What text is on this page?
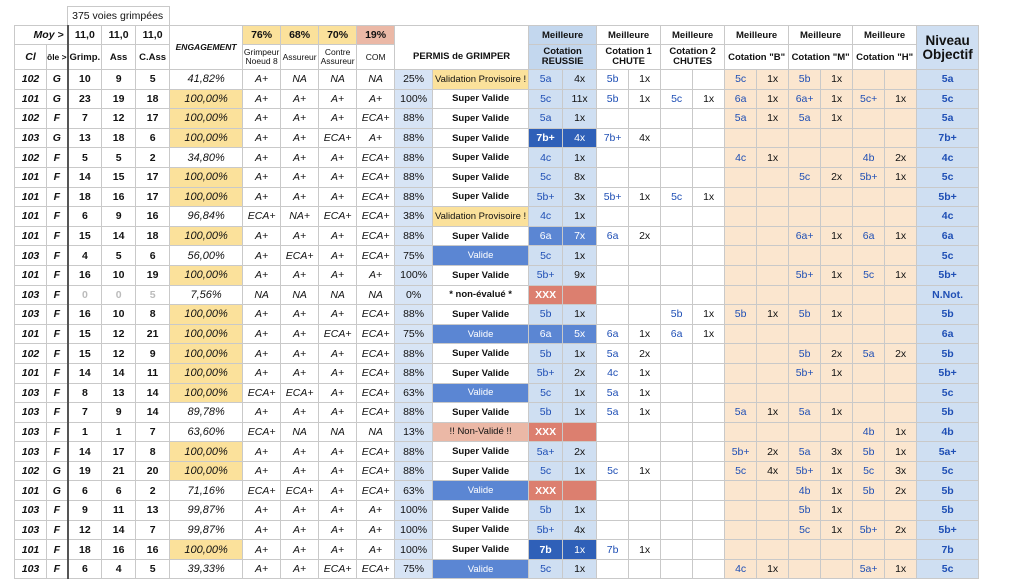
		375 voies grimpées																						
Moy >		11,0	11,0	11,0	ENGAGEMENT	76%	68%	70%	19%			Meilleure		Meilleure		Meilleure		Meilleure		Meilleure		Meilleure		Niveau
Objectif
Cl	ôle >	Grimp.	Ass	C.Ass		Grimpeur Noeud 8	Assureur	Contre Assureur	COM	PERMIS de GRIMPER		Cotation REUSSIE		Cotation 1 CHUTE		Cotation 2 CHUTES		Cotation "B"		Cotation "M"		Cotation "H"		
102	G	10	9	5	41,82%	A+	NA	NA	NA	25%	Validation Provisoire !	5a	4x	5b	1x			5c	1x	5b	1x			5a
101	G	23	19	18	100,00%	A+	A+	A+	A+	100%	Super Valide	5c	11x	5b	1x	5c	1x	6a	1x	6a+	1x	5c+	1x	5c
102	F	7	12	17	100,00%	A+	A+	A+	ECA+	88%	Super Valide	5a	1x					5a	1x	5a	1x			5a
103	G	13	18	6	100,00%	A+	A+	ECA+	A+	88%	Super Valide	7b+	4x	7b+	4x									7b+
102	F	5	5	2	34,80%	A+	A+	A+	ECA+	88%	Super Valide	4c	1x					4c	1x			4b	2x	4c
101	F	14	15	17	100,00%	A+	A+	A+	ECA+	88%	Super Valide	5c	8x							5c	2x	5b+	1x	5c
101	F	18	16	17	100,00%	A+	A+	A+	ECA+	88%	Super Valide	5b+	3x	5b+	1x	5c	1x							5b+
101	F	6	9	16	96,84%	ECA+	NA+	ECA+	ECA+	38%	Validation Provisoire !	4c	1x											4c
101	F	15	14	18	100,00%	A+	A+	A+	ECA+	88%	Super Valide	6a	7x	6a	2x					6a+	1x	6a	1x	6a
103	F	4	5	6	56,00%	A+	ECA+	A+	ECA+	75%	Valide	5c	1x											5c
101	F	16	10	19	100,00%	A+	A+	A+	A+	100%	Super Valide	5b+	9x							5b+	1x	5c	1x	5b+
103	F	0	0	5	7,56%	NA	NA	NA	NA	0%	* non-évalué *	XXX												N.Not.
103	F	16	10	8	100,00%	A+	A+	A+	ECA+	88%	Super Valide	5b	1x			5b	1x	5b	1x	5b	1x			5b
101	F	15	12	21	100,00%	A+	A+	ECA+	ECA+	75%	Valide	6a	5x	6a	1x	6a	1x							6a
102	F	15	12	9	100,00%	A+	A+	A+	ECA+	88%	Super Valide	5b	1x	5a	2x					5b	2x	5a	2x	5b
101	F	14	14	11	100,00%	A+	A+	A+	ECA+	88%	Super Valide	5b+	2x	4c	1x					5b+	1x			5b+
103	F	8	13	14	100,00%	ECA+	ECA+	A+	ECA+	63%	Valide	5c	1x	5a	1x									5c
103	F	7	9	14	89,78%	A+	A+	A+	ECA+	88%	Super Valide	5b	1x	5a	1x			5a	1x	5a	1x			5b
103	F	1	1	7	63,60%	ECA+	NA	NA	NA	13%	!! Non-Validé !!	XXX										4b	1x	4b
103	F	14	17	8	100,00%	A+	A+	A+	ECA+	88%	Super Valide	5a+	2x					5b+	2x	5a	3x	5b	1x	5a+
102	G	19	21	20	100,00%	A+	A+	A+	ECA+	88%	Super Valide	5c	1x	5c	1x			5c	4x	5b+	1x	5c	3x	5c
101	G	6	6	2	71,16%	ECA+	ECA+	A+	ECA+	63%	Valide	XXX								4b	1x	5b	2x	5b
103	F	9	11	13	99,87%	A+	A+	A+	A+	100%	Super Valide	5b	1x							5b	1x			5b
103	F	12	14	7	99,87%	A+	A+	A+	A+	100%	Super Valide	5b+	4x							5c	1x	5b+	2x	5b+
101	F	18	16	16	100,00%	A+	A+	A+	A+	100%	Super Valide	7b	1x	7b	1x									7b
103	F	6	4	5	39,33%	A+	A+	ECA+	ECA+	75%	Valide	5c	1x					4c	1x			5a+	1x	5c
